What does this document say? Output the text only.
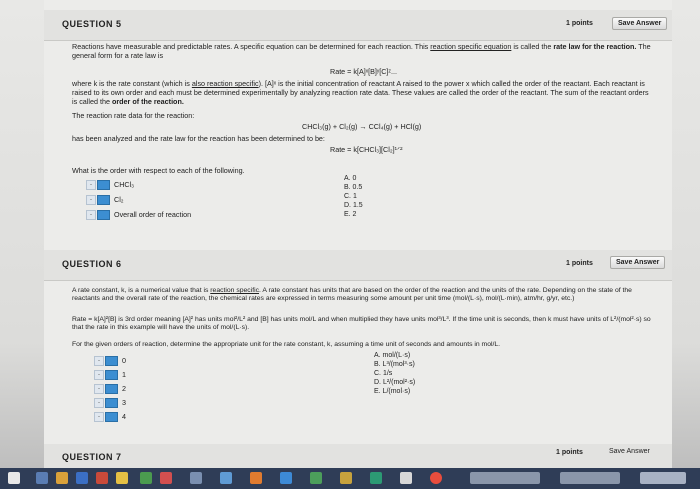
QUESTION 5	1 points	Save Answer
Reactions have measurable and predictable rates. A specific equation can be determined for each reaction. This reaction specific equation is called the rate law for the reaction. The general form for a rate law is
Rate = k[A]ˣ[B]ʸ[C]ᶻ...
where k is the rate constant (which is also reaction specific). [A]ˣ is the initial concentration of reactant A raised to the power x which called the order of the reactant. Each reactant is raised to its own order and each must be determined experimentally by analyzing reaction rate data. These values are called the order of the reactant. The sum of the reactant orders is called the order of the reaction.
The reaction rate data for the reaction:
CHCl₃(g) + Cl₂(g) → CCl₄(g) + HCl(g)
has been analyzed and the rate law for the reaction has been determined to be:
Rate = k[CHCl₃][Cl₂]¹ᐟ²
What is the order with respect to each of the following.
-	CHCl₃
-	Cl₂
-	Overall order of reaction
A. 0
B. 0.5
C. 1
D. 1.5
E. 2
QUESTION 6	1 points	Save Answer
A rate constant, k, is a numerical value that is reaction specific. A rate constant has units that are based on the order of the reaction and the units of the rate. Depending on the state of the reactants and the overall rate of the reaction, the chemical rates are expressed in terms measuring some amount per unit time (mol/(L·s), mol/(L·min), atm/hr, g/yr, etc.)
Rate = k[A]²[B] is 3rd order meaning [A]² has units mol²/L² and [B] has units mol/L and when multiplied they have units mol³/L³. If the time unit is seconds, then k must have units of L²/(mol²·s) so that the rate in this example will have the units of mol/(L·s).
For the given orders of reaction, determine the appropriate unit for the rate constant, k, assuming a time unit of seconds and amounts in mol/L.
-	0
-	1
-	2
-	3
-	4
A. mol/(L·s)
B. L³/(mol³·s)
C. 1/s
D. L²/(mol²·s)
E. L/(mol·s)
QUESTION 7	1 points	Save Answer
